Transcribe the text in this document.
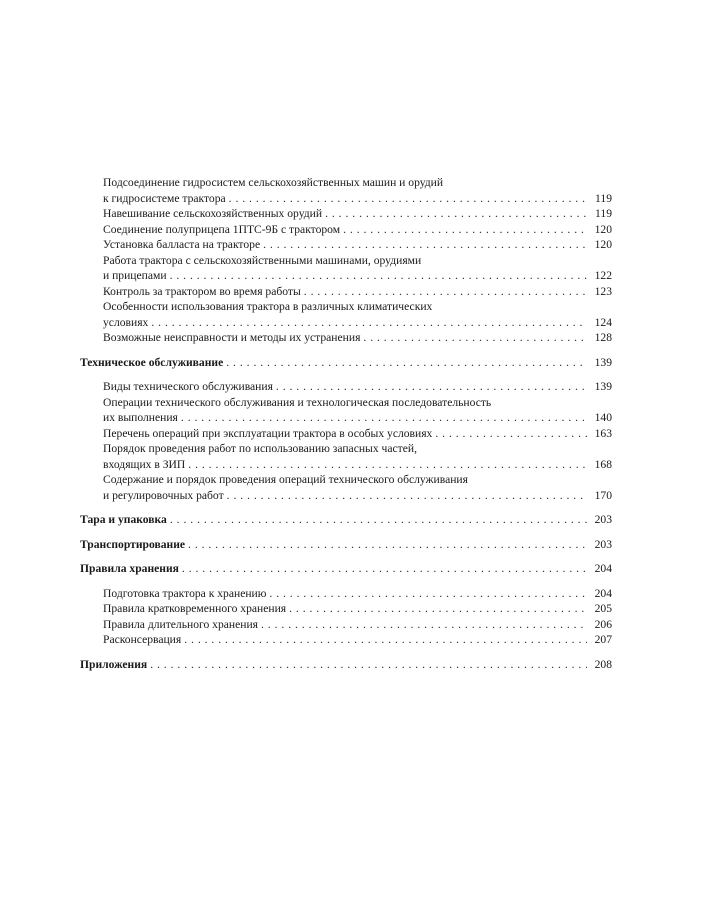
Подсоединение гидросистем сельскохозяйственных машин и орудий
к гидросистеме трактора . . .	119
Навешивание сельскохозяйственных орудий . . .	119
Соединение полуприцепа 1ПТС-9Б с трактором . . .	120
Установка балласта на тракторе . . .	120
Работа трактора с сельскохозяйственными машинами, орудиями
и прицепами . . .	122
Контроль за трактором во время работы . . .	123
Особенности использования трактора в различных климатических
условиях . . .	124
Возможные неисправности и методы их устранения . . .	128
Техническое обслуживание . . .	139
Виды технического обслуживания . . .	139
Операции технического обслуживания и технологическая последовательность
их выполнения . . .	140
Перечень операций при эксплуатации трактора в особых условиях . . .	163
Порядок проведения работ по использованию запасных частей,
входящих в ЗИП . . .	168
Содержание и порядок проведения операций технического обслуживания
и регулировочных работ . . .	170
Тара и упаковка . . .	203
Транспортирование . . .	203
Правила хранения . . .	204
Подготовка трактора к хранению . . .	204
Правила кратковременного хранения . . .	205
Правила длительного хранения . . .	206
Расконсервация . . .	207
Приложения . . .	208
